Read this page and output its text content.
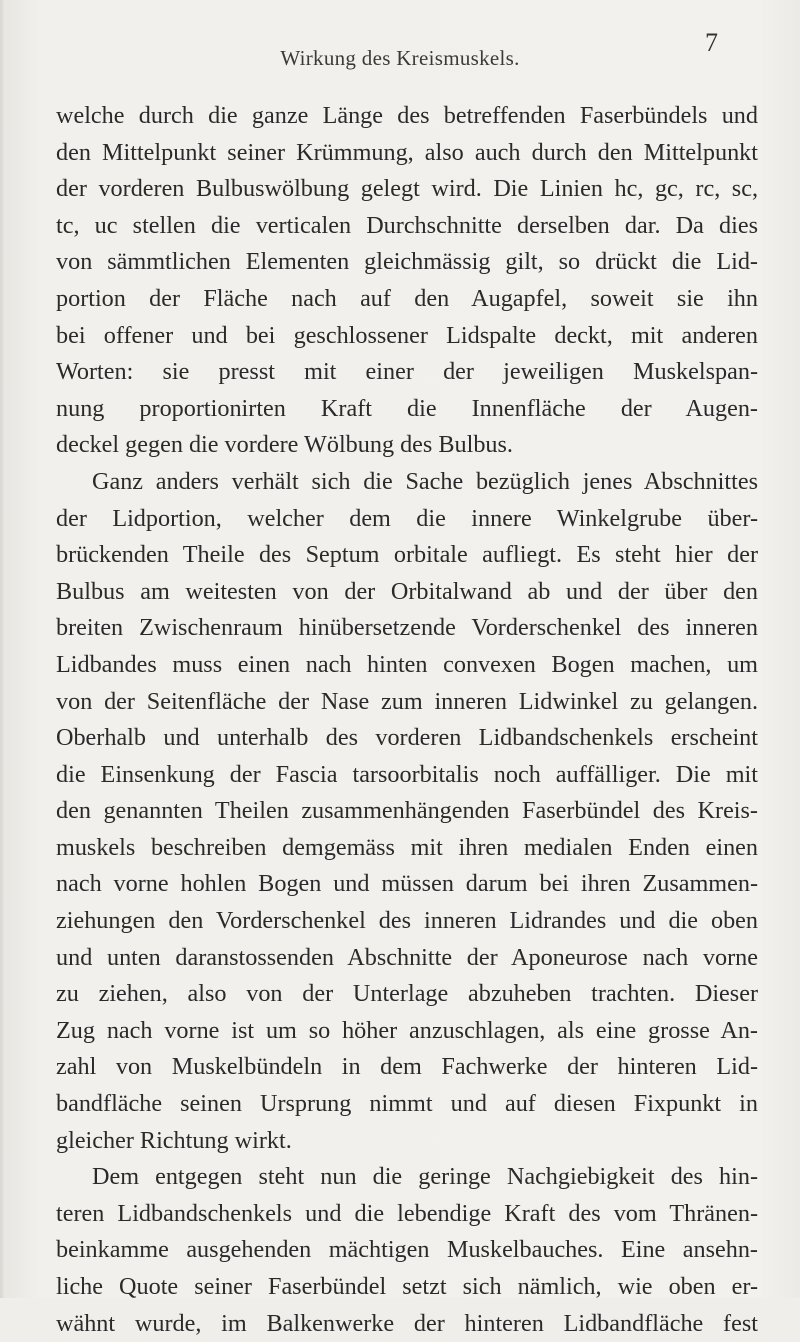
Wirkung des Kreismuskels.
7
welche durch die ganze Länge des betreffenden Faserbündels und
den Mittelpunkt seiner Krümmung, also auch durch den Mittelpunkt
der vorderen Bulbuswölbung gelegt wird. Die Linien hc, gc, rc, sc,
tc, uc stellen die verticalen Durchschnitte derselben dar. Da dies
von sämmtlichen Elementen gleichmässig gilt, so drückt die Lid-
portion der Fläche nach auf den Augapfel, soweit sie ihn
bei offener und bei geschlossener Lidspalte deckt, mit anderen
Worten: sie presst mit einer der jeweiligen Muskelspan-
nung proportionirten Kraft die Innenfläche der Augen-
deckel gegen die vordere Wölbung des Bulbus.
Ganz anders verhält sich die Sache bezüglich jenes Abschnittes
der Lidportion, welcher dem die innere Winkelgrube über-
brückenden Theile des Septum orbitale aufliegt. Es steht hier der
Bulbus am weitesten von der Orbitalwand ab und der über den
breiten Zwischenraum hinübersetzende Vorderschenkel des inneren
Lidbandes muss einen nach hinten convexen Bogen machen, um
von der Seitenfläche der Nase zum inneren Lidwinkel zu gelangen.
Oberhalb und unterhalb des vorderen Lidbandschenkels erscheint
die Einsenkung der Fascia tarsoorbitalis noch auffälliger. Die mit
den genannten Theilen zusammenhängenden Faserbündel des Kreis-
muskels beschreiben demgemäss mit ihren medialen Enden einen
nach vorne hohlen Bogen und müssen darum bei ihren Zusammen-
ziehungen den Vorderschenkel des inneren Lidrandes und die oben
und unten daranstossenden Abschnitte der Aponeurose nach vorne
zu ziehen, also von der Unterlage abzuheben trachten. Dieser
Zug nach vorne ist um so höher anzuschlagen, als eine grosse An-
zahl von Muskelbündeln in dem Fachwerke der hinteren Lid-
bandfläche seinen Ursprung nimmt und auf diesen Fixpunkt in
gleicher Richtung wirkt.
Dem entgegen steht nun die geringe Nachgiebigkeit des hin-
teren Lidbandschenkels und die lebendige Kraft des vom Thränen-
beinkamme ausgehenden mächtigen Muskelbauches. Eine ansehn-
liche Quote seiner Faserbündel setzt sich nämlich, wie oben er-
wähnt wurde, im Balkenwerke der hinteren Lidbandfläche fest
